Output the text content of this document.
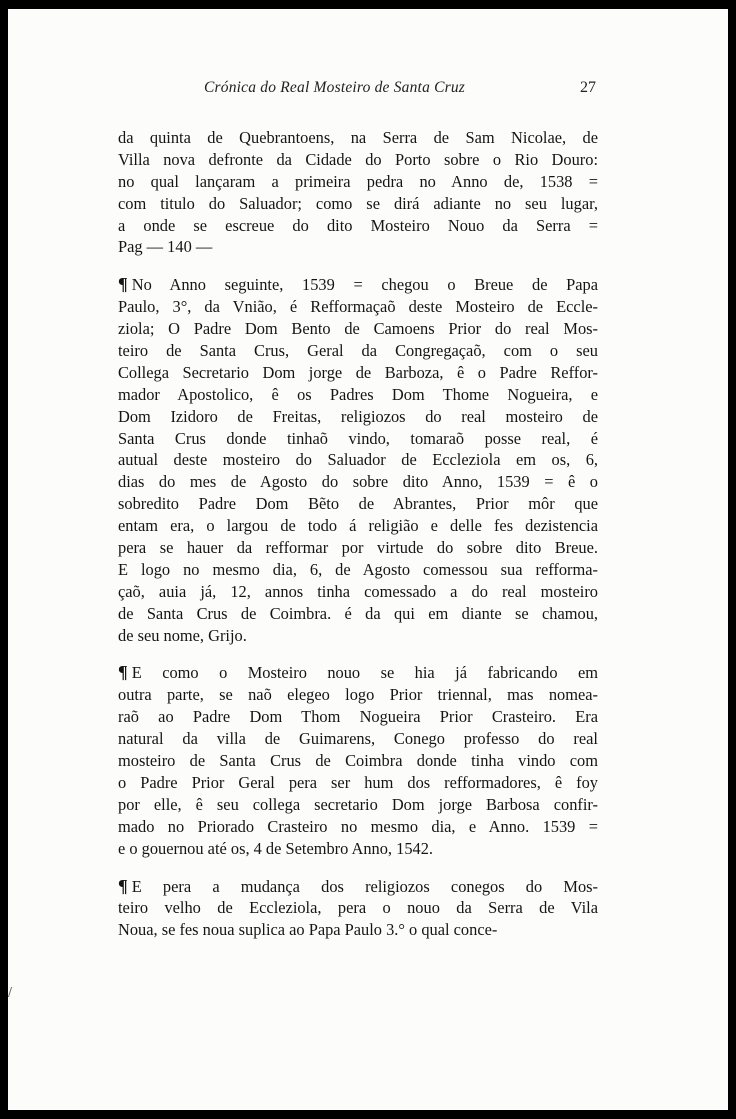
Crónica do Real Mosteiro de Santa Cruz	27
da quinta de Quebrantoens, na Serra de Sam Nicolae, de
Villa nova defronte da Cidade do Porto sobre o Rio Douro:
no qual lançaram a primeira pedra no Anno de, 1538 =
com titulo do Saluador; como se dirá adiante no seu lugar,
a onde se escreue do dito Mosteiro Nouo da Serra =
Pag — 140 —
¶ No Anno seguinte, 1539 = chegou o Breue de Papa
Paulo, 3°, da Vnião, é Refformaçaõ deste Mosteiro de Eccle-
ziola; O Padre Dom Bento de Camoens Prior do real Mos-
teiro de Santa Crus, Geral da Congregaçaõ, com o seu
Collega Secretario Dom jorge de Barboza, ê o Padre Reffor-
mador Apostolico, ê os Padres Dom Thome Nogueira, e
Dom Izidoro de Freitas, religiozos do real mosteiro de
Santa Crus donde tinhaõ vindo, tomaraõ posse real, é
autual deste mosteiro do Saluador de Eccleziola em os, 6,
dias do mes de Agosto do sobre dito Anno, 1539 = ê o
sobredito Padre Dom Bẽto de Abrantes, Prior môr que
entam era, o largou de todo á religião e delle fes dezistencia
pera se hauer da refformar por virtude do sobre dito Breue.
E logo no mesmo dia, 6, de Agosto comessou sua refforma-
çaõ, auia já, 12, annos tinha comessado a do real mosteiro
de Santa Crus de Coimbra. é da qui em diante se chamou,
de seu nome, Grijo.
¶ E como o Mosteiro nouo se hia já fabricando em
outra parte, se naõ elegeo logo Prior triennal, mas nomea-
raõ ao Padre Dom Thom Nogueira Prior Crasteiro. Era
natural da villa de Guimarens, Conego professo do real
mosteiro de Santa Crus de Coimbra donde tinha vindo com
o Padre Prior Geral pera ser hum dos refformadores, ê foy
por elle, ê seu collega secretario Dom jorge Barbosa confir-
mado no Priorado Crasteiro no mesmo dia, e Anno. 1539 =
e o gouernou até os, 4 de Setembro Anno, 1542.
¶ E pera a mudança dos religiozos conegos do Mos-
teiro velho de Eccleziola, pera o nouo da Serra de Vila
Noua, se fes noua suplica ao Papa Paulo 3.° o qual conce-
/
